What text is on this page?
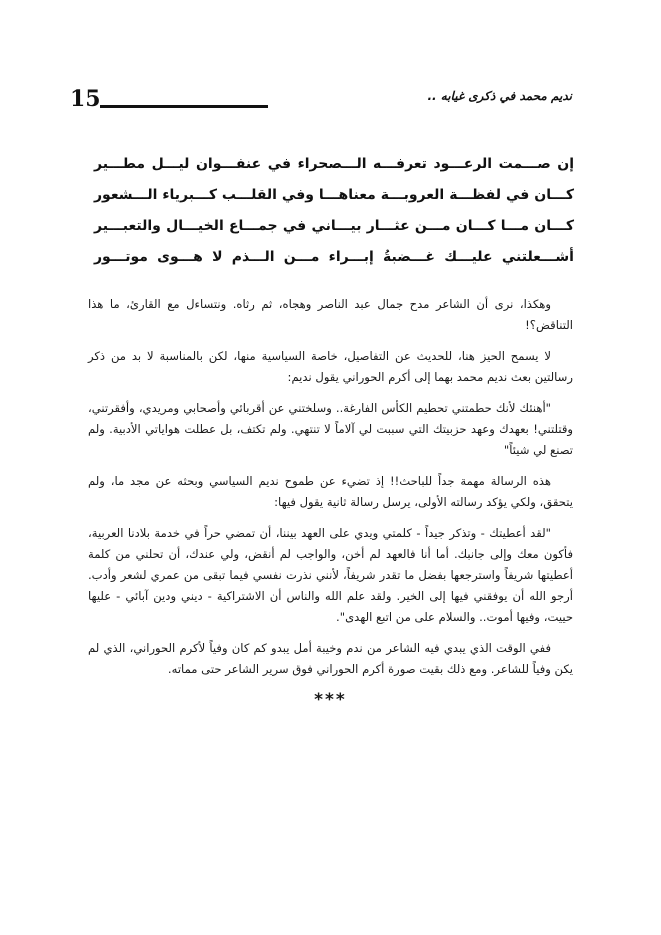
15	نديم محمد في ذكرى غيابه ..
إن صـــمت الرعـــود تعرفـــه الـــصحراء في عنفـــوان ليـــل مطـــير
كـــان في لفظـــة العروبـــة معناهـــا وفي القلـــب كـــبرياء الـــشعور
كـــان مـــا كـــان مـــن عثـــار بيـــاني في جمـــاع الخيـــال والتعبـــير
أشـــعلتني عليـــك غـــضبةُ إبـــراء مـــن الـــذم لا هـــوى موتـــور

وهكذا، نرى أن الشاعر مدح جمال عبد الناصر وهجاه، ثم رثاه. ونتساءل مع القارئ، ما هذا التناقض؟!

لا يسمح الحيز هنا، للحديث عن التفاصيل، خاصة السياسية منها، لكن بالمناسبة لا بد من ذكر رسالتين بعث نديم محمد بهما إلى أكرم الحوراني يقول نديم:

"أهنئك لأنك حطمتني تحطيم الكأس الفارغة.. وسلختني عن أقربائي وأصحابي ومريدي، وأفقرتني، وقتلتني! بعهدك وعهد حزبيتك التي سببت لي آلاماً لا تنتهي. ولم تكتف، بل عطلت هواياتي الأدبية. ولم تصنع لي شيئاً"

هذه الرسالة مهمة جداً للباحث!! إذ تضيء عن طموح نديم السياسي وبحثه عن مجد ما، ولم يتحقق، ولكي يؤكد رسالته الأولى، يرسل رسالة ثانية يقول فيها:

"لقد أعطيتك - وتذكر جيداً - كلمتي ويدي على العهد بيننا، أن تمضي حراً في خدمة بلادنا العربية، فأكون معك وإلى جانبك. أما أنا فالعهد لم أخن، والواجب لم أنقض، ولي عندك، أن تحلني من كلمة أعطيتها شريفاً واسترجعها بفضل ما تقدر شريفاً، لأنني نذرت نفسي فيما تبقى من عمري لشعر وأدب. أرجو الله أن يوفقني فيها إلى الخير. ولقد علم الله والناس أن الاشتراكية - ديني ودين آبائي - عليها حييت، وفيها أموت.. والسلام على من اتبع الهدى".

ففي الوقت الذي يبدي فيه الشاعر من ندم وخيبة أمل يبدو كم كان وفياً لأكرم الحوراني، الذي لم يكن وفياً للشاعر. ومع ذلك بقيت صورة أكرم الحوراني فوق سرير الشاعر حتى مماته.

***
